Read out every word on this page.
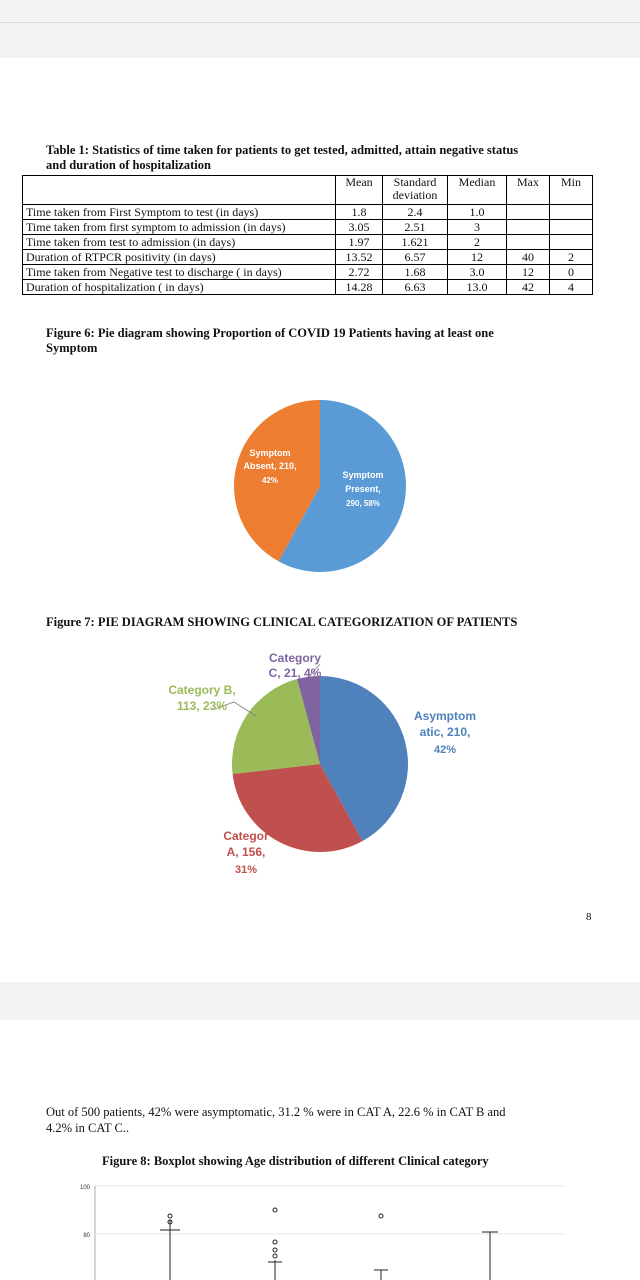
Table 1: Statistics of time taken for patients to get tested, admitted, attain negative status
and duration of hospitalization
	Mean	Standard
deviation	Median	Max	Min
Time taken from First Symptom to test (in days)	1.8	2.4	1.0		
Time taken from first symptom to admission (in days)	3.05	2.51	3		
Time taken from test to admission (in days)	1.97	1.621	2		
Duration of RTPCR positivity (in days)	13.52	6.57	12	40	2
Time taken from Negative test to discharge ( in days)	2.72	1.68	3.0	12	0
Duration of hospitalization ( in days)	14.28	6.63	13.0	42	4
Figure 6: Pie diagram showing Proportion of COVID 19 Patients having at least one
Symptom
Symptom
Absent, 210,
42%
Symptom
Present,
290, 58%
Figure 7: PIE DIAGRAM SHOWING CLINICAL CATEGORIZATION OF PATIENTS
Category
C, 21, 4%
Category B,
113, 23%
Asymptom
atic, 210,
42%
Categor
A, 156,
31%
8
Out of 500 patients, 42% were asymptomatic, 31.2 % were in CAT A, 22.6 % in CAT B and
4.2% in CAT C..
Figure 8: Boxplot showing Age distribution of different Clinical category
100
80
